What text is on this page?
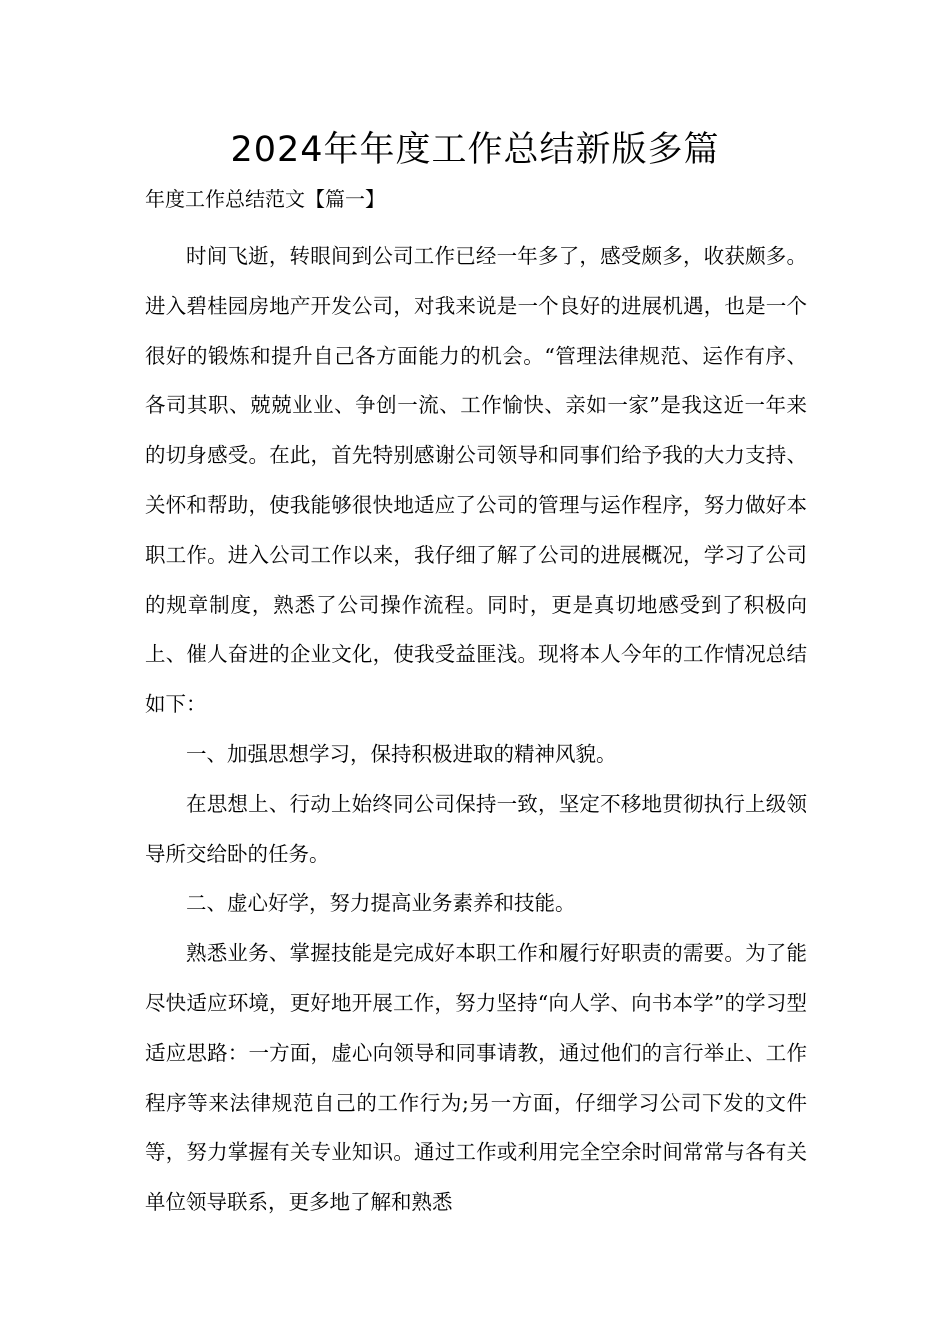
2024年年度工作总结新版多篇
年度工作总结范文【篇一】

时间飞逝，转眼间到公司工作已经一年多了，感受颇多，收获颇多。进入碧桂园房地产开发公司，对我来说是一个良好的进展机遇，也是一个很好的锻炼和提升自己各方面能力的机会。“管理法律规范、运作有序、各司其职、兢兢业业、争创一流、工作愉快、亲如一家”是我这近一年来的切身感受。在此，首先特别感谢公司领导和同事们给予我的大力支持、关怀和帮助，使我能够很快地适应了公司的管理与运作程序，努力做好本职工作。进入公司工作以来，我仔细了解了公司的进展概况，学习了公司的规章制度，熟悉了公司操作流程。同时，更是真切地感受到了积极向上、催人奋进的企业文化，使我受益匪浅。现将本人今年的工作情况总结如下：

一、加强思想学习，保持积极进取的精神风貌。

在思想上、行动上始终同公司保持一致，坚定不移地贯彻执行上级领导所交给卧的任务。

二、虚心好学，努力提高业务素养和技能。

熟悉业务、掌握技能是完成好本职工作和履行好职责的需要。为了能尽快适应环境，更好地开展工作，努力坚持“向人学、向书本学”的学习型适应思路：一方面，虚心向领导和同事请教，通过他们的言行举止、工作程序等来法律规范自己的工作行为;另一方面，仔细学习公司下发的文件等，努力掌握有关专业知识。通过工作或利用完全空余时间常常与各有关单位领导联系，更多地了解和熟悉
